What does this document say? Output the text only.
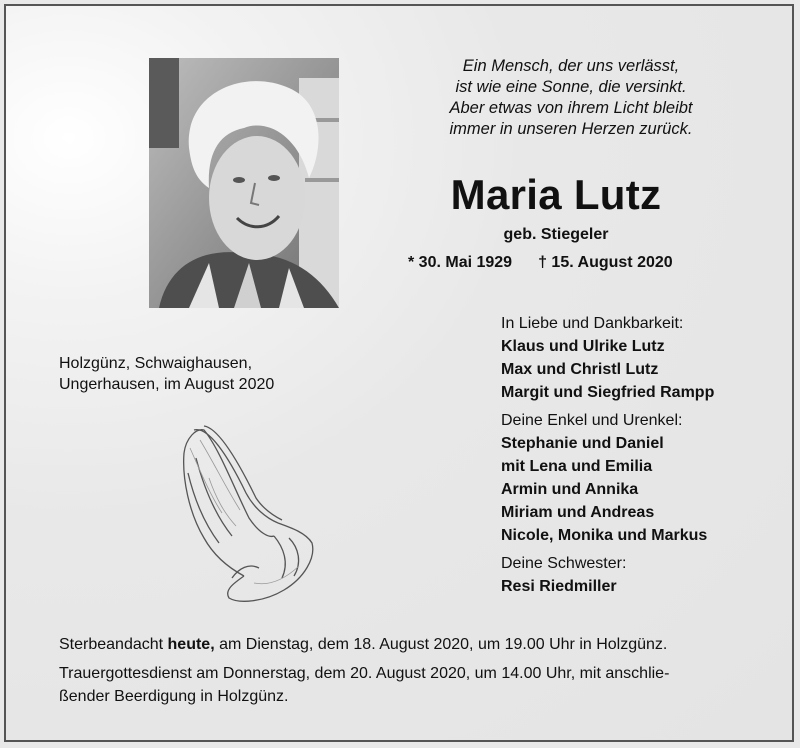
Ein Mensch, der uns verlässt,
ist wie eine Sonne, die versinkt.
Aber etwas von ihrem Licht bleibt
immer in unseren Herzen zurück.
Maria Lutz
geb. Stiegeler
* 30. Mai 1929 † 15. August 2020
Holzgünz, Schwaighausen,
Ungerhausen, im August 2020
In Liebe und Dankbarkeit:
Klaus und Ulrike Lutz
Max und Christl Lutz
Margit und Siegfried Rampp
Deine Enkel und Urenkel:
Stephanie und Daniel
mit Lena und Emilia
Armin und Annika
Miriam und Andreas
Nicole, Monika und Markus
Deine Schwester:
Resi Riedmiller

Sterbeandacht heute, am Dienstag, dem 18. August 2020, um 19.00 Uhr in Holzgünz.

Trauergottesdienst am Donnerstag, dem 20. August 2020, um 14.00 Uhr, mit anschlie-
ßender Beerdigung in Holzgünz.
